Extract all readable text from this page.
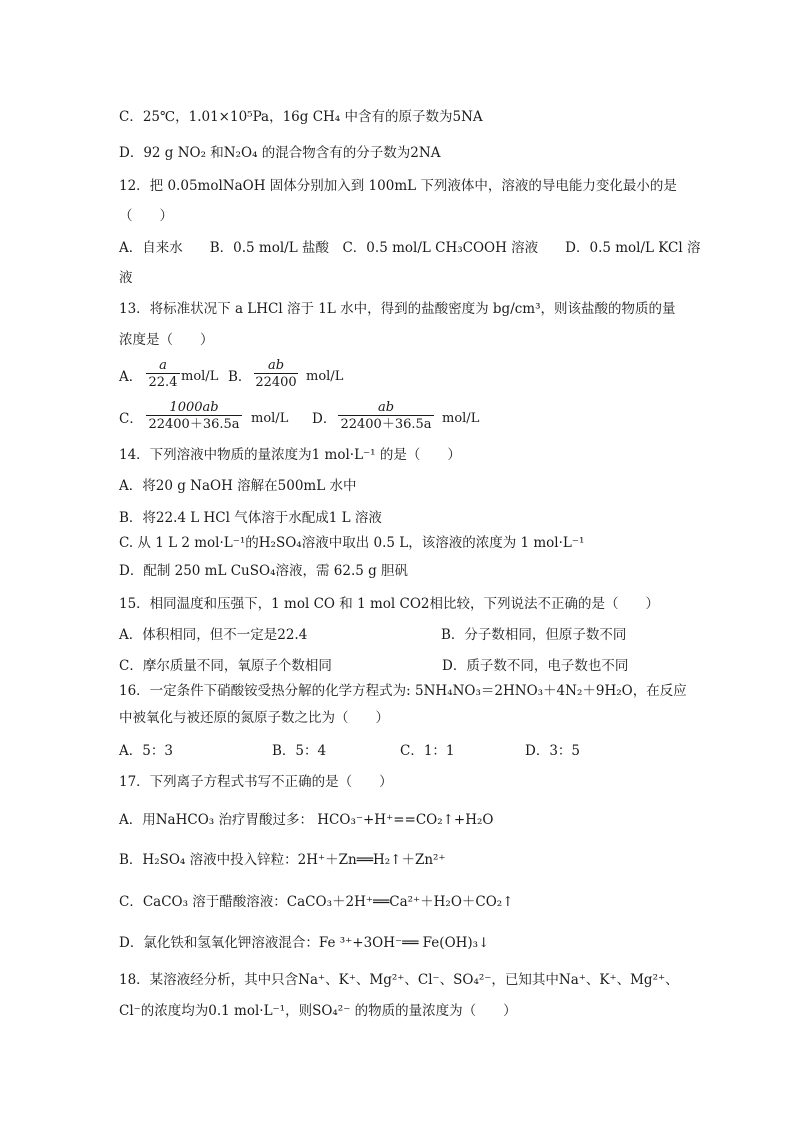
C．25℃，1.01×10⁵Pa，16g CH₄ 中含有的原子数为5NA
D．92 g NO₂ 和N₂O₄ 的混合物含有的分子数为2NA
12．把 0.05molNaOH 固体分别加入到 100mL 下列液体中，溶液的导电能力变化最小的是
（　　）
A．自来水　　B．0.5 mol/L 盐酸　C．0.5 mol/L CH₃COOH 溶液　　D．0.5 mol/L KCl 溶
液
13．将标准状况下 a LHCl 溶于 1L 水中，得到的盐酸密度为 bg/cm³，则该盐酸的物质的量
浓度是（　　）
A．
a
22.4 mol/L B．
ab
22400 mol/L
C．
1000ab
22400＋36.5a mol/L D．
ab
22400＋36.5a mol/L
14．下列溶液中物质的量浓度为1 mol·L⁻¹ 的是（　　）
A．将20 g NaOH 溶解在500mL 水中
B．将22.4 L HCl 气体溶于水配成1 L 溶液
C. 从 1 L 2 mol·L⁻¹的H₂SO₄溶液中取出 0.5 L，该溶液的浓度为 1 mol·L⁻¹
D．配制 250 mL CuSO₄溶液，需 62.5 g 胆矾
15．相同温度和压强下，1 mol CO 和 1 mol CO2相比较，下列说法不正确的是（　　）
A．体积相同，但不一定是22.4	B．分子数相同，但原子数不同
C．摩尔质量不同，氧原子个数相同	D．质子数不同，电子数也不同
16．一定条件下硝酸铵受热分解的化学方程式为: 5NH₄NO₃＝2HNO₃＋4N₂＋9H₂O，在反应
中被氧化与被还原的氮原子数之比为（　　）
A．5：3	B．5：4	C．1：1	D．3：5
17．下列离子方程式书写不正确的是（　　）
A．用NaHCO₃ 治疗胃酸过多： HCO₃⁻+H⁺==CO₂↑+H₂O
B．H₂SO₄ 溶液中投入锌粒：2H⁺＋Zn══H₂↑＋Zn²⁺
C．CaCO₃ 溶于醋酸溶液：CaCO₃＋2H⁺══Ca²⁺＋H₂O＋CO₂↑
D．氯化铁和氢氧化钾溶液混合：Fe ³⁺+3OH⁻══ Fe(OH)₃↓
18．某溶液经分析，其中只含Na⁺、K⁺、Mg²⁺、Cl⁻、SO₄²⁻，已知其中Na⁺、K⁺、Mg²⁺、
Cl⁻的浓度均为0.1 mol·L⁻¹，则SO₄²⁻ 的物质的量浓度为（　　）
